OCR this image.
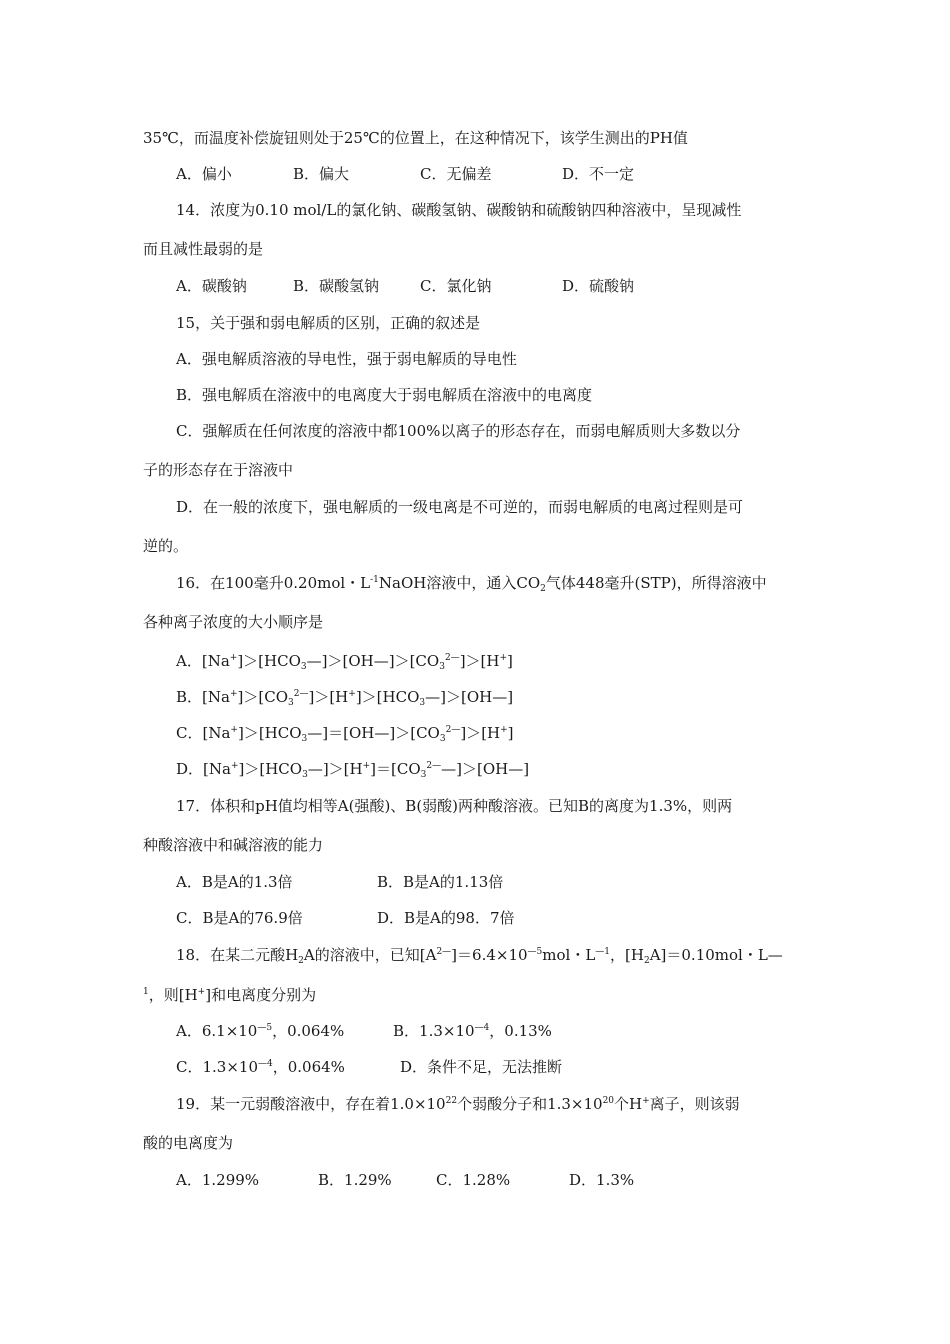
35℃，而温度补偿旋钮则处于25℃的位置上，在这种情况下，该学生测出的PH值
A．偏小	B．偏大	C．无偏差	D．不一定
14．浓度为0.10 mol/L的氯化钠、碳酸氢钠、碳酸钠和硫酸钠四种溶液中，呈现减性
而且减性最弱的是
A．碳酸钠	B．碳酸氢钠	C．氯化钠	D．硫酸钠
15，关于强和弱电解质的区别，正确的叙述是
A．强电解质溶液的导电性，强于弱电解质的导电性
B．强电解质在溶液中的电离度大于弱电解质在溶液中的电离度
C．强解质在任何浓度的溶液中都100%以离子的形态存在，而弱电解质则大多数以分
子的形态存在于溶液中
D．在一般的浓度下，强电解质的一级电离是不可逆的，而弱电解质的电离过程则是可
逆的。
16．在100毫升0.20mol・$L^{-1}NaOH$溶液中，通入$CO_2$气体448毫升(STP)，所得溶液中
各种离子浓度的大小顺序是
A．$[Na^+]>[HCO_3—]>[OH—]>[CO_3^{2—}]>[H^+]$
B．$[Na^+]>[CO_3^{2—}]>[H^+]>[HCO_3—]>[OH—]$
C．$[Na^+]>[HCO_3—]=[OH—]>[CO_3^{2—}]>[H^+]$
D．$[Na^+]>[HCO_3—]>[H^+]=[CO_3^{2—}—]>[OH—]$
17．体积和pH值均相等A(强酸)、B(弱酸)两种酸溶液。已知B的离度为1.3%，则两
种酸溶液中和碱溶液的能力
A．B是A的1.3倍	B．B是A的1.13倍
C．B是A的76.9倍	D．B是A的98．7倍
18．在某二元酸$H_2A$的溶液中，已知$[A^{2—}]=6.4\times 10^{—5}mol$・$L^{—1}$，$[H_2A]=0.10mol$・L—
$^1$，则[H+]和电离度分别为
A．$6.1\times 10^{—5}$，0.064%	B．$1.3\times 10^{—4}$，0.13%
C．$1.3\times 10^{—4}$，0.064%	D．条件不足，无法推断
19．某一元弱酸溶液中，存在着$1.0\times 10^{22}$个弱酸分子和$1.3\times 10^{20}$个H+离子，则该弱
酸的电离度为
A．1.299%	B．1.29%	C．1.28%	D．1.3%
